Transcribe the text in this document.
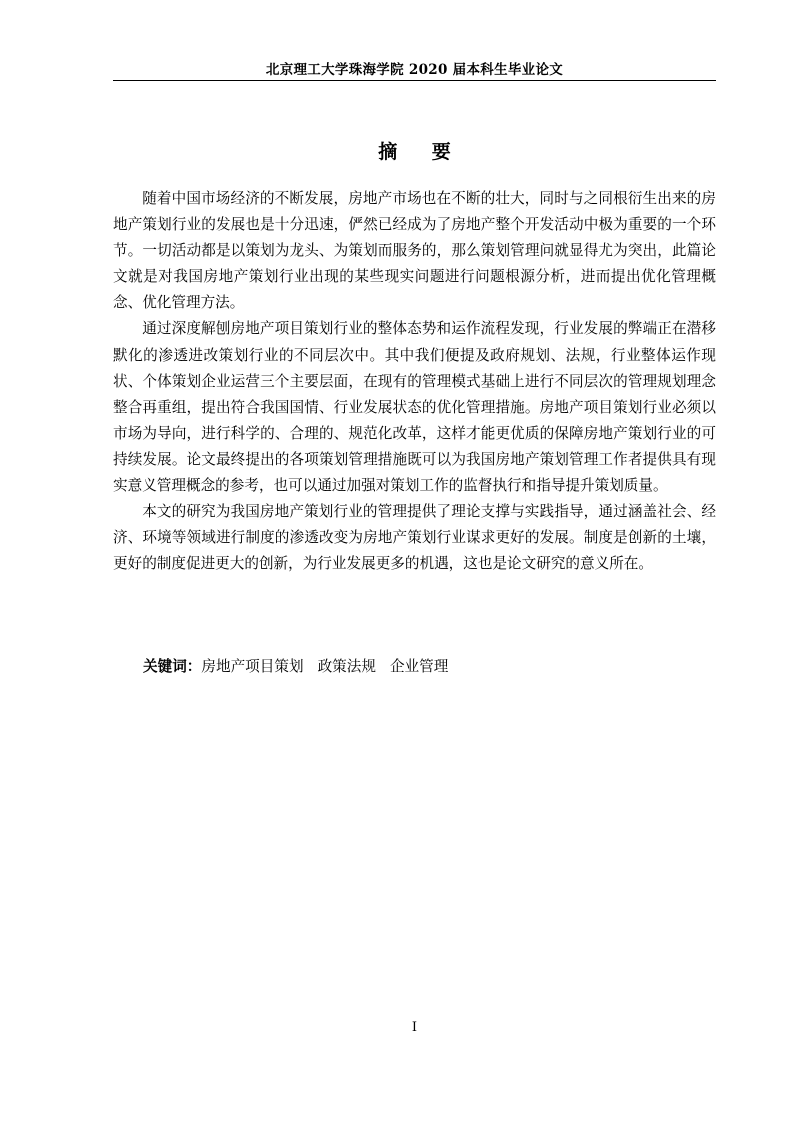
北京理工大学珠海学院 2020 届本科生毕业论文
摘 要

随着中国市场经济的不断发展，房地产市场也在不断的壮大，同时与之同根衍生出来的房地产策划行业的发展也是十分迅速，俨然已经成为了房地产整个开发活动中极为重要的一个环节。一切活动都是以策划为龙头、为策划而服务的，那么策划管理问就显得尤为突出，此篇论文就是对我国房地产策划行业出现的某些现实问题进行问题根源分析，进而提出优化管理概念、优化管理方法。

通过深度解刨房地产项目策划行业的整体态势和运作流程发现，行业发展的弊端正在潜移默化的渗透进改策划行业的不同层次中。其中我们便提及政府规划、法规，行业整体运作现状、个体策划企业运营三个主要层面，在现有的管理模式基础上进行不同层次的管理规划理念整合再重组，提出符合我国国情、行业发展状态的优化管理措施。房地产项目策划行业必须以市场为导向，进行科学的、合理的、规范化改革，这样才能更优质的保障房地产策划行业的可持续发展。论文最终提出的各项策划管理措施既可以为我国房地产策划管理工作者提供具有现实意义管理概念的参考，也可以通过加强对策划工作的监督执行和指导提升策划质量。

本文的研究为我国房地产策划行业的管理提供了理论支撑与实践指导，通过涵盖社会、经济、环境等领域进行制度的渗透改变为房地产策划行业谋求更好的发展。制度是创新的土壤，更好的制度促进更大的创新，为行业发展更多的机遇，这也是论文研究的意义所在。

关键词：房地产项目策划 政策法规 企业管理
I
